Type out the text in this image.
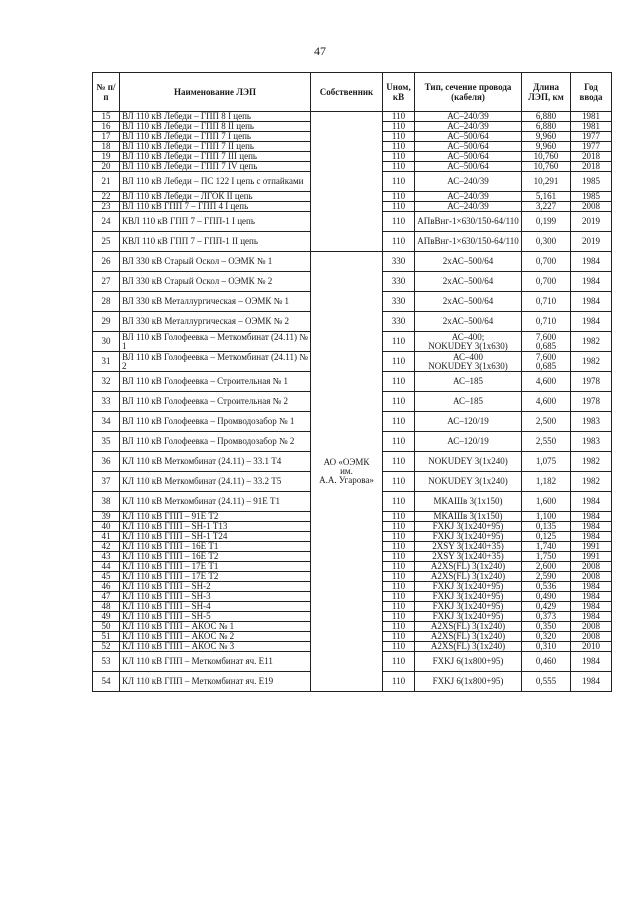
47
№ п/п	Наименование ЛЭП	Собственник	Uном, кВ	Тип, сечение провода (кабеля)	Длина ЛЭП, км	Год ввода
15	ВЛ 110 кВ Лебеди – ГПП 8 I цепь		110	АС–240/39	6,880	1981
16	ВЛ 110 кВ Лебеди – ГПП 8 II цепь		110	АС–240/39	6,880	1981
17	ВЛ 110 кВ Лебеди – ГПП 7 I цепь		110	АС–500/64	9,960	1977
18	ВЛ 110 кВ Лебеди – ГПП 7 II цепь		110	АС–500/64	9,960	1977
19	ВЛ 110 кВ Лебеди – ГПП 7 III цепь		110	АС–500/64	10,760	2018
20	ВЛ 110 кВ Лебеди – ГПП 7 IV цепь		110	АС–500/64	10,760	2018
21	ВЛ 110 кВ Лебеди – ПС 122 I цепь с отпайками		110	АС–240/39	10,291	1985
22	ВЛ 110 кВ Лебеди – ЛГОК II цепь		110	АС–240/39	5,161	1985
23	ВЛ 110 кВ ГПП 7 – ГПП 4 I цепь		110	АС–240/39	3,227	2008
24	КВЛ 110 кВ ГПП 7 – ГПП-1 I цепь		110	АПвВнг-1×630/150-64/110	0,199	2019
25	КВЛ 110 кВ ГПП 7 – ГПП-1 II цепь		110	АПвВнг-1×630/150-64/110	0,300	2019
26	ВЛ 330 кВ Старый Оскол – ОЭМК № 1	АО «ОЭМК
им.
А.А. Угарова»	330	2хАС–500/64	0,700	1984
27	ВЛ 330 кВ Старый Оскол – ОЭМК № 2		330	2хАС–500/64	0,700	1984
28	ВЛ 330 кВ Металлургическая – ОЭМК № 1		330	2хАС–500/64	0,710	1984
29	ВЛ 330 кВ Металлургическая – ОЭМК № 2		330	2хАС–500/64	0,710	1984
30	ВЛ 110 кВ Голофеевка – Меткомбинат (24.11) № 1		110	АС–400;
NOKUDEY 3(1х630)	7,600
0,685	1982
31	ВЛ 110 кВ Голофеевка – Меткомбинат (24.11) № 2		110	АС–400
NOKUDEY 3(1х630)	7,600
0,685	1982
32	ВЛ 110 кВ Голофеевка – Строительная № 1		110	АС–185	4,600	1978
33	ВЛ 110 кВ Голофеевка – Строительная № 2		110	АС–185	4,600	1978
34	ВЛ 110 кВ Голофеевка – Промводозабор № 1		110	АС–120/19	2,500	1983
35	ВЛ 110 кВ Голофеевка – Промводозабор № 2		110	АС–120/19	2,550	1983
36	КЛ 110 кВ Меткомбинат (24.11) – 33.1 Т4		110	NOKUDEY 3(1х240)	1,075	1982
37	КЛ 110 кВ Меткомбинат (24.11) – 33.2 Т5		110	NOKUDEY 3(1х240)	1,182	1982
38	КЛ 110 кВ Меткомбинат (24.11) – 91Е Т1		110	МКАШв 3(1х150)	1,600	1984
39	КЛ 110 кВ ГПП – 91Е Т2		110	МКАШв 3(1х150)	1,100	1984
40	КЛ 110 кВ ГПП – SH-1 Т13		110	FXKJ 3(1х240+95)	0,135	1984
41	КЛ 110 кВ ГПП – SH-1 Т24		110	FXKJ 3(1х240+95)	0,125	1984
42	КЛ 110 кВ ГПП – 16Е Т1		110	2XSY 3(1х240+35)	1,740	1991
43	КЛ 110 кВ ГПП – 16Е Т2		110	2XSY 3(1х240+35)	1,750	1991
44	КЛ 110 кВ ГПП – 17Е Т1		110	A2XS(FL) 3(1х240)	2,600	2008
45	КЛ 110 кВ ГПП – 17Е Т2		110	A2XS(FL) 3(1х240)	2,590	2008
46	КЛ 110 кВ ГПП – SH-2		110	FXKJ 3(1х240+95)	0,536	1984
47	КЛ 110 кВ ГПП – SH-3		110	FXKJ 3(1х240+95)	0,490	1984
48	КЛ 110 кВ ГПП – SH-4		110	FXKJ 3(1х240+95)	0,429	1984
49	КЛ 110 кВ ГПП – SH-5		110	FXKJ 3(1х240+95)	0,373	1984
50	КЛ 110 кВ ГПП – АКОС № 1		110	A2XS(FL) 3(1х240)	0,350	2008
51	КЛ 110 кВ ГПП – АКОС № 2		110	A2XS(FL) 3(1х240)	0,320	2008
52	КЛ 110 кВ ГПП – АКОС № 3		110	A2XS(FL) 3(1х240)	0,310	2010
53	КЛ 110 кВ ГПП – Меткомбинат яч. Е11		110	FXKJ 6(1х800+95)	0,460	1984
54	КЛ 110 кВ ГПП – Меткомбинат яч. Е19		110	FXKJ 6(1х800+95)	0,555	1984
